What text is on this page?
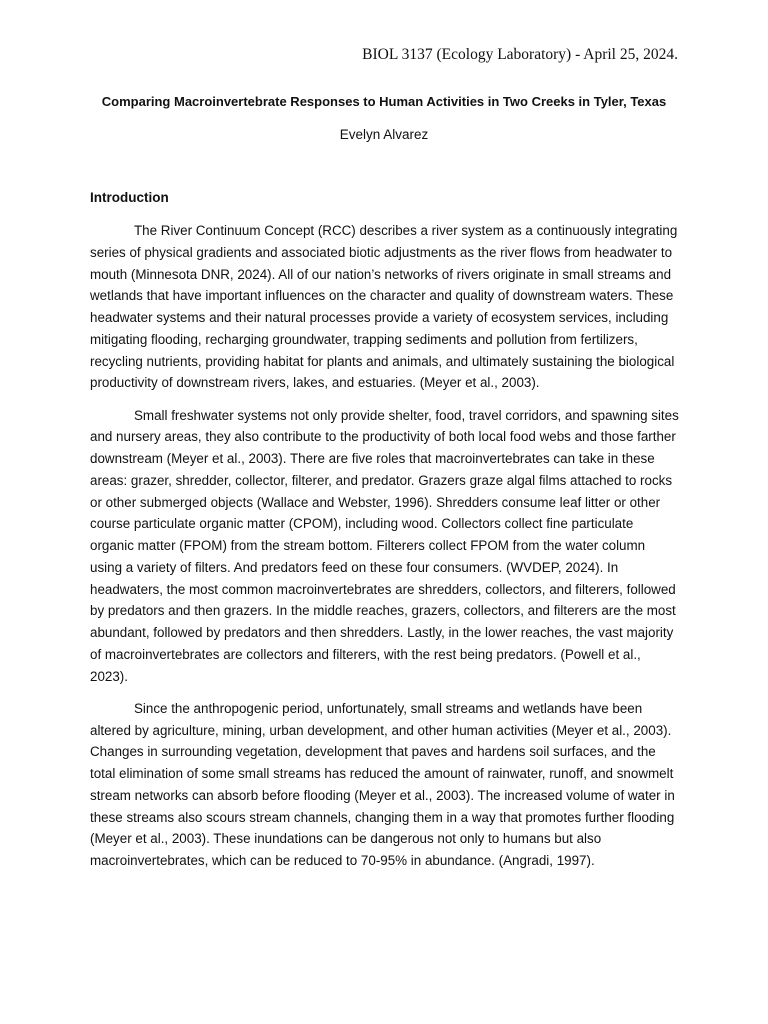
BIOL 3137 (Ecology Laboratory) - April 25, 2024.
Comparing Macroinvertebrate Responses to Human Activities in Two Creeks in Tyler, Texas
Evelyn Alvarez
Introduction

The River Continuum Concept (RCC) describes a river system as a continuously integrating series of physical gradients and associated biotic adjustments as the river flows from headwater to mouth (Minnesota DNR, 2024). All of our nation’s networks of rivers originate in small streams and wetlands that have important influences on the character and quality of downstream waters. These headwater systems and their natural processes provide a variety of ecosystem services, including mitigating flooding, recharging groundwater, trapping sediments and pollution from fertilizers, recycling nutrients, providing habitat for plants and animals, and ultimately sustaining the biological productivity of downstream rivers, lakes, and estuaries. (Meyer et al., 2003).

Small freshwater systems not only provide shelter, food, travel corridors, and spawning sites and nursery areas, they also contribute to the productivity of both local food webs and those farther downstream (Meyer et al., 2003). There are five roles that macroinvertebrates can take in these areas: grazer, shredder, collector, filterer, and predator. Grazers graze algal films attached to rocks or other submerged objects (Wallace and Webster, 1996). Shredders consume leaf litter or other course particulate organic matter (CPOM), including wood. Collectors collect fine particulate organic matter (FPOM) from the stream bottom. Filterers collect FPOM from the water column using a variety of filters. And predators feed on these four consumers. (WVDEP, 2024). In headwaters, the most common macroinvertebrates are shredders, collectors, and filterers, followed by predators and then grazers. In the middle reaches, grazers, collectors, and filterers are the most abundant, followed by predators and then shredders. Lastly, in the lower reaches, the vast majority of macroinvertebrates are collectors and filterers, with the rest being predators. (Powell et al., 2023).

Since the anthropogenic period, unfortunately, small streams and wetlands have been altered by agriculture, mining, urban development, and other human activities (Meyer et al., 2003). Changes in surrounding vegetation, development that paves and hardens soil surfaces, and the total elimination of some small streams has reduced the amount of rainwater, runoff, and snowmelt stream networks can absorb before flooding (Meyer et al., 2003). The increased volume of water in these streams also scours stream channels, changing them in a way that promotes further flooding (Meyer et al., 2003). These inundations can be dangerous not only to humans but also macroinvertebrates, which can be reduced to 70-95% in abundance. (Angradi, 1997).
